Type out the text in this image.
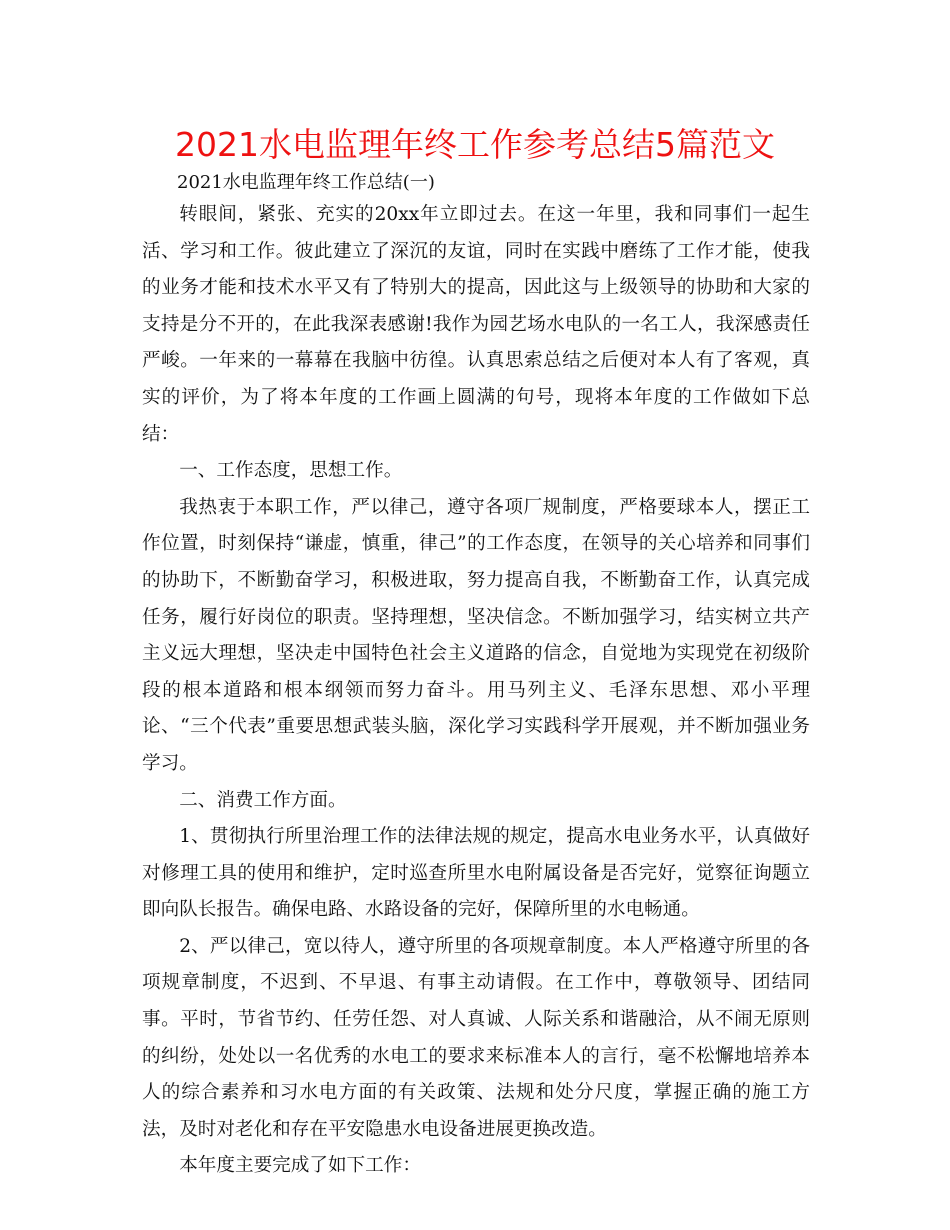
2021水电监理年终工作参考总结5篇范文
2021水电监理年终工作总结(一)

转眼间，紧张、充实的20xx年立即过去。在这一年里，我和同事们一起生活、学习和工作。彼此建立了深沉的友谊，同时在实践中磨练了工作才能，使我的业务才能和技术水平又有了特别大的提高，因此这与上级领导的协助和大家的支持是分不开的，在此我深表感谢!我作为园艺场水电队的一名工人，我深感责任严峻。一年来的一幕幕在我脑中彷徨。认真思索总结之后便对本人有了客观，真实的评价，为了将本年度的工作画上圆满的句号，现将本年度的工作做如下总结：

一、工作态度，思想工作。

我热衷于本职工作，严以律己，遵守各项厂规制度，严格要球本人，摆正工作位置，时刻保持“谦虚，慎重，律己”的工作态度，在领导的关心培养和同事们的协助下，不断勤奋学习，积极进取，努力提高自我，不断勤奋工作，认真完成任务，履行好岗位的职责。坚持理想，坚决信念。不断加强学习，结实树立共产主义远大理想，坚决走中国特色社会主义道路的信念，自觉地为实现党在初级阶段的根本道路和根本纲领而努力奋斗。用马列主义、毛泽东思想、邓小平理论、“三个代表”重要思想武装头脑，深化学习实践科学开展观，并不断加强业务学习。

二、消费工作方面。

1、贯彻执行所里治理工作的法律法规的规定，提高水电业务水平，认真做好对修理工具的使用和维护，定时巡查所里水电附属设备是否完好，觉察征询题立即向队长报告。确保电路、水路设备的完好，保障所里的水电畅通。

2、严以律己，宽以待人，遵守所里的各项规章制度。本人严格遵守所里的各项规章制度，不迟到、不早退、有事主动请假。在工作中，尊敬领导、团结同事。平时，节省节约、任劳任怨、对人真诚、人际关系和谐融洽，从不闹无原则的纠纷，处处以一名优秀的水电工的要求来标准本人的言行，毫不松懈地培养本人的综合素养和习水电方面的有关政策、法规和处分尺度，掌握正确的施工方法，及时对老化和存在平安隐患水电设备进展更换改造。

本年度主要完成了如下工作：
